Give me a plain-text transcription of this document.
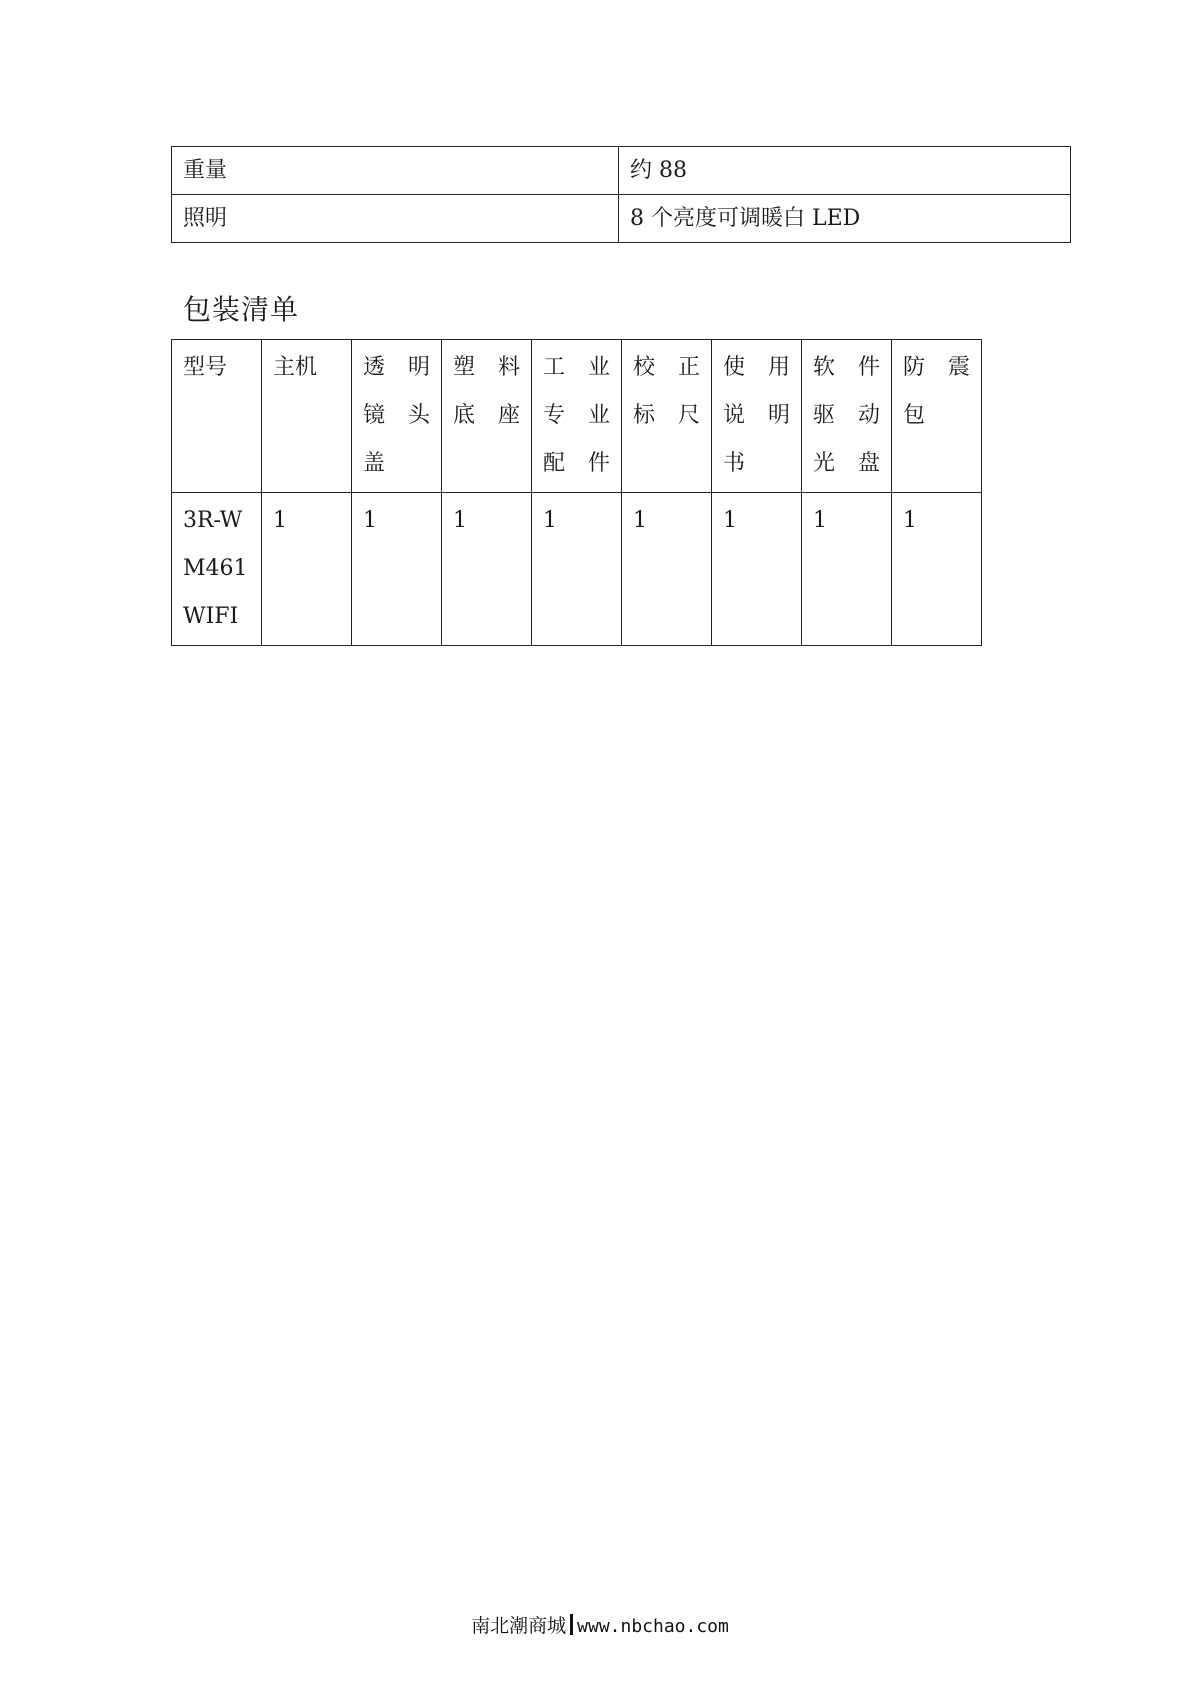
重量	约 88
照明	8 个亮度可调暖白 LED
包装清单
型号	主机	透 明 镜 头 盖	塑 料 底座	工 业 专 业 配件	校 正 标尺	使 用 说 明 书	软 件 驱 动 光盘	防 震 包
3R-WM461WIFI	1	1	1	1	1	1	1	1
南北潮商城 www.nbchao.com
